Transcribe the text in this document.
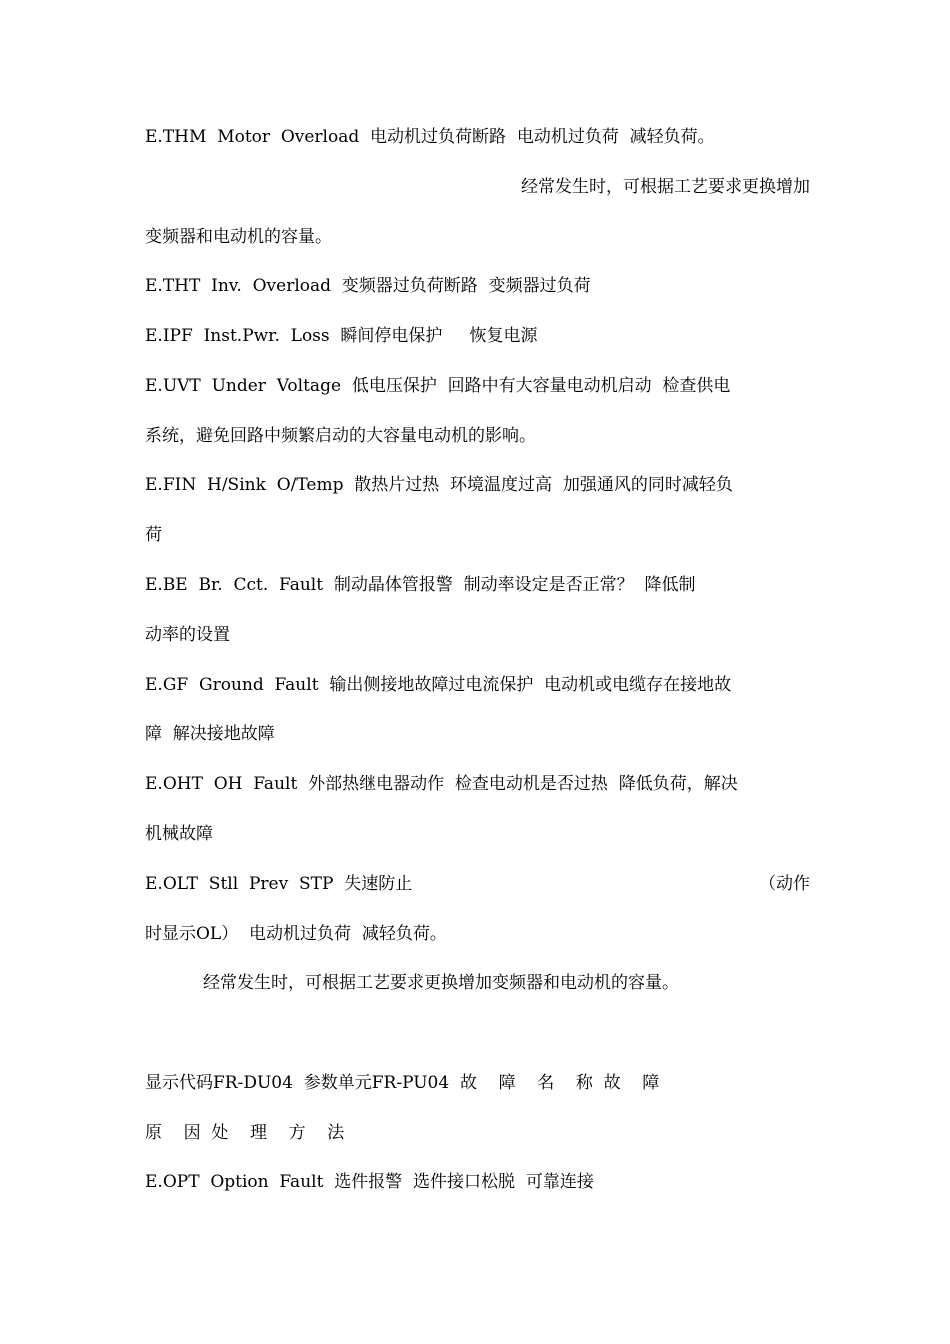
E.THM  Motor  Overload  电动机过负荷断路  电动机过负荷  减轻负荷。
经常发生时，可根据工艺要求更换增加
变频器和电动机的容量。
E.THT  Inv.  Overload  变频器过负荷断路  变频器过负荷
E.IPF  Inst.Pwr.  Loss  瞬间停电保护     恢复电源
E.UVT  Under  Voltage  低电压保护  回路中有大容量电动机启动  检查供电
系统，避免回路中频繁启动的大容量电动机的影响。
E.FIN  H/Sink  O/Temp  散热片过热  环境温度过高  加强通风的同时减轻负
荷
E.BE  Br.  Cct.  Fault  制动晶体管报警  制动率设定是否正常？  降低制
动率的设置
E.GF  Ground  Fault  输出侧接地故障过电流保护  电动机或电缆存在接地故
障  解决接地故障
E.OHT  OH  Fault  外部热继电器动作  检查电动机是否过热  降低负荷，解决
机械故障
E.OLT  Stll  Prev  STP  失速防止	（动作
时显示OL）  电动机过负荷  减轻负荷。
经常发生时，可根据工艺要求更换增加变频器和电动机的容量。
显示代码FR-DU04  参数单元FR-PU04  故    障    名    称  故    障
原    因  处    理    方    法
E.OPT  Option  Fault  选件报警  选件接口松脱  可靠连接
